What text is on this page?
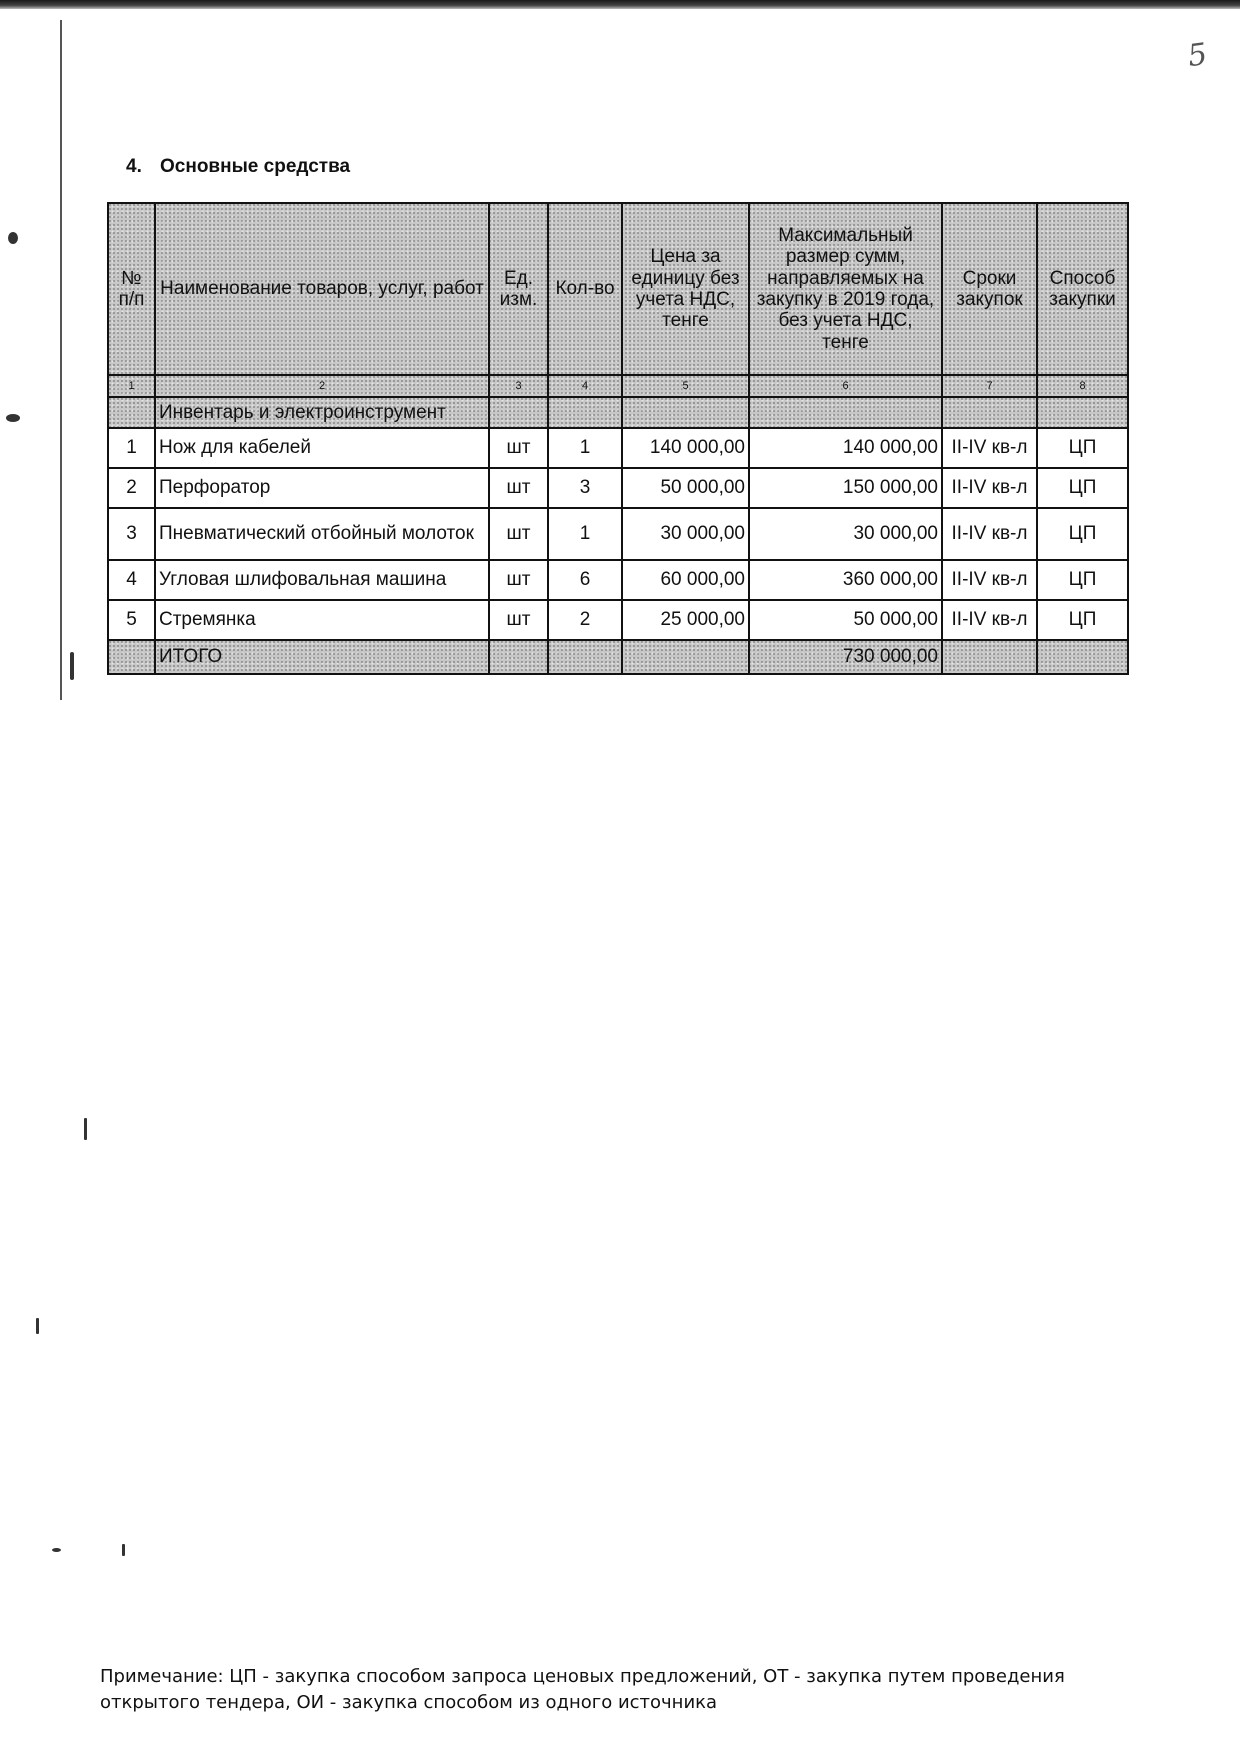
5
4. Основные средства
№ п/п	Наименование товаров, услуг, работ	Ед. изм.	Кол-во	Цена за единицу без учета НДС, тенге	Максимальный размер сумм, направляемых на закупку в 2019 года, без учета НДС, тенге	Сроки закупок	Способ закупки
1	2	3	4	5	6	7	8
	Инвентарь и электроинструмент						
1	Нож для кабелей	шт	1	140 000,00	140 000,00	II-IV кв-л	ЦП
2	Перфоратор	шт	3	50 000,00	150 000,00	II-IV кв-л	ЦП
3	Пневматический отбойный молоток	шт	1	30 000,00	30 000,00	II-IV кв-л	ЦП
4	Угловая шлифовальная машина	шт	6	60 000,00	360 000,00	II-IV кв-л	ЦП
5	Стремянка	шт	2	25 000,00	50 000,00	II-IV кв-л	ЦП
	ИТОГО				730 000,00		
Примечание: ЦП - закупка способом запроса ценовых предложений, ОТ - закупка путем проведения
открытого тендера, ОИ - закупка способом из одного источника
